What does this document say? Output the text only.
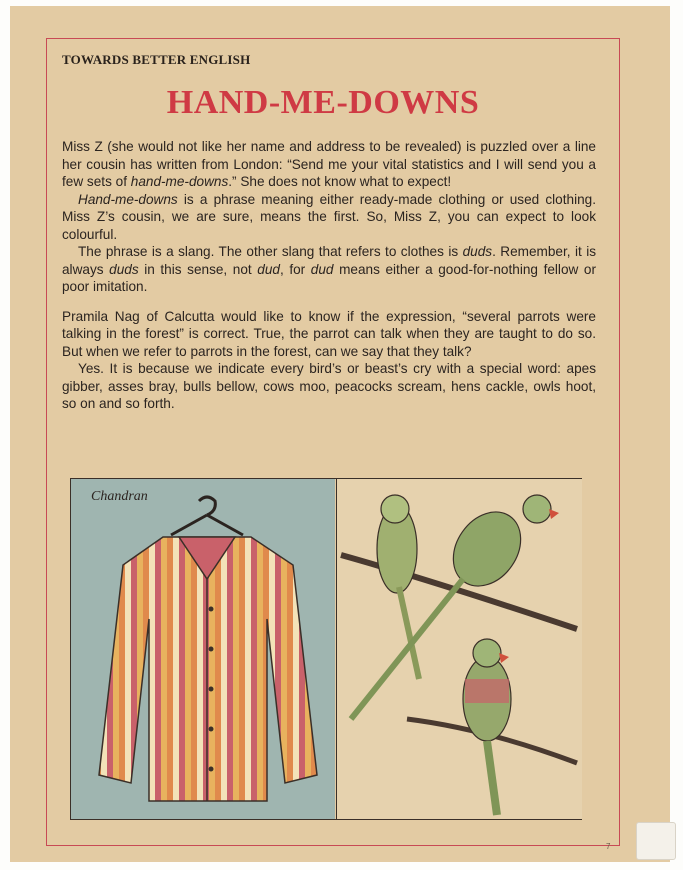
TOWARDS BETTER ENGLISH
HAND-ME-DOWNS

Miss Z (she would not like her name and address to be revealed) is puzzled over a line her cousin has written from London: “Send me your vital statistics and I will send you a few sets of hand-me-downs.” She does not know what to expect!

Hand-me-downs is a phrase meaning either ready-made clothing or used clothing. Miss Z’s cousin, we are sure, means the first. So, Miss Z, you can expect to look colourful.

The phrase is a slang. The other slang that refers to clothes is duds. Remember, it is always duds in this sense, not dud, for dud means either a good-for-nothing fellow or poor imitation.

Pramila Nag of Calcutta would like to know if the expression, “several parrots were talking in the forest” is correct. True, the parrot can talk when they are taught to do so. But when we refer to parrots in the forest, can we say that they talk?

Yes. It is because we indicate every bird’s or beast’s cry with a special word: apes gibber, asses bray, bulls bellow, cows moo, peacocks scream, hens cackle, owls hoot, so on and so forth.

Chandran
7
